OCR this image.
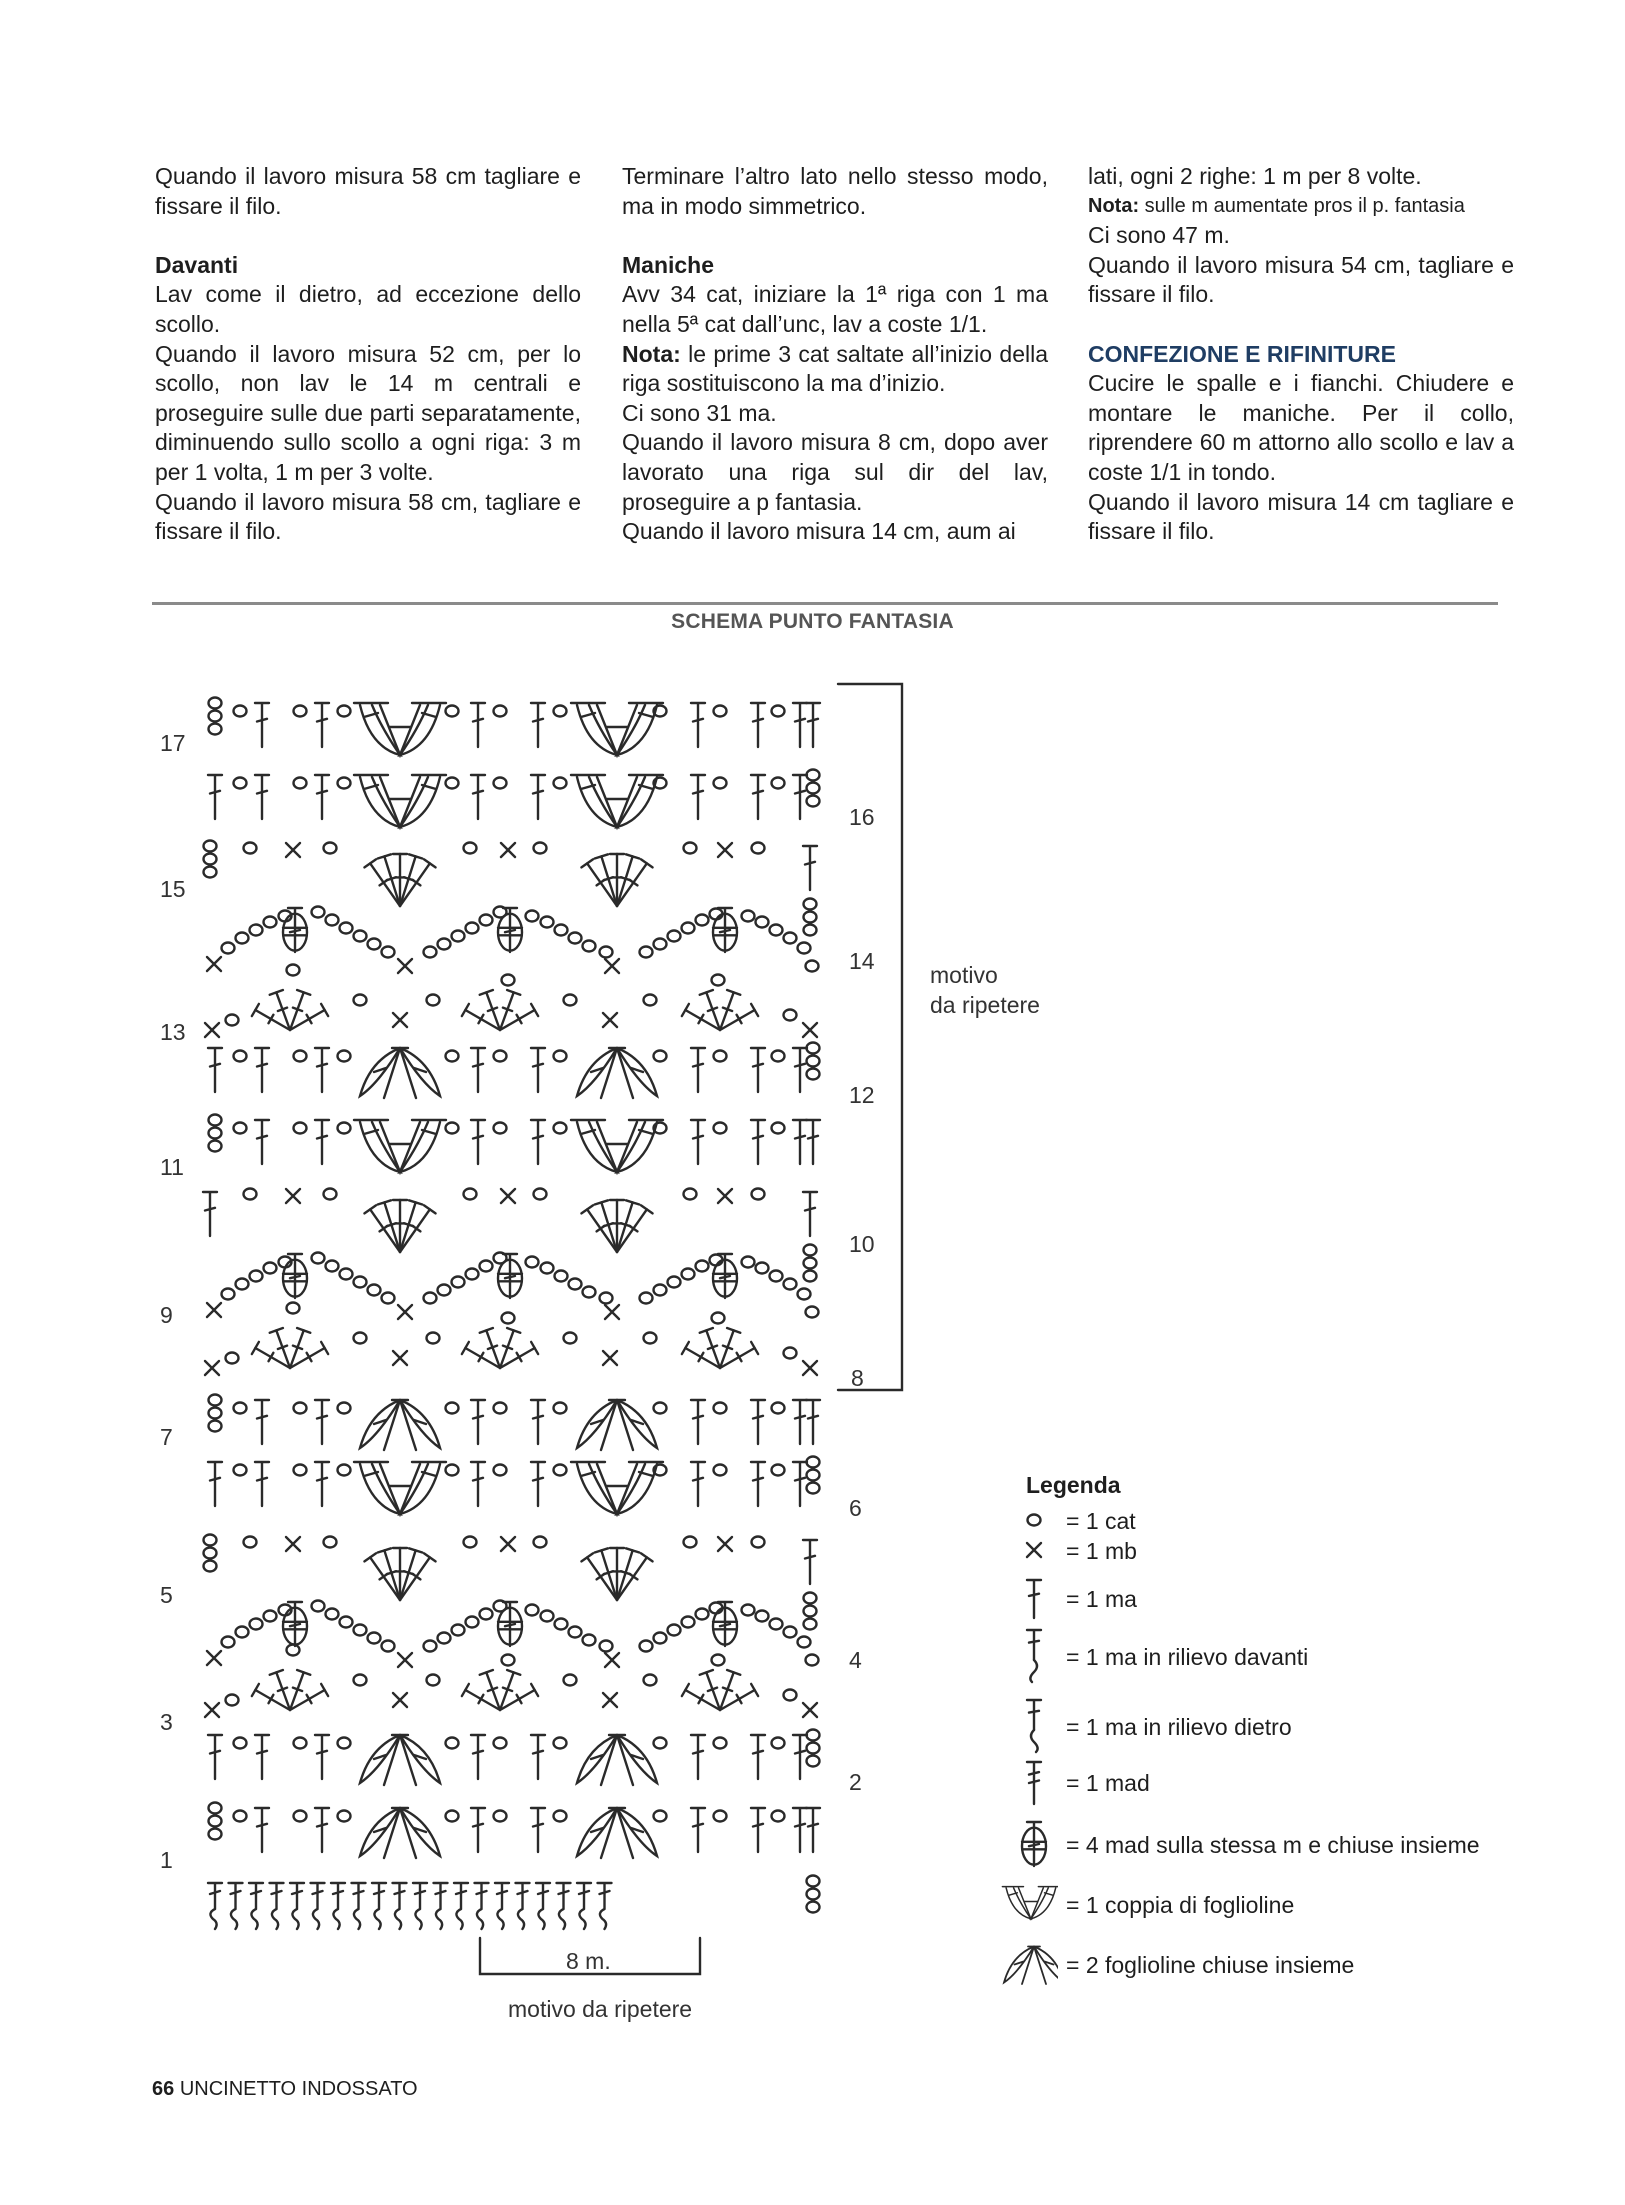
Quando il lavoro misura 58 cm tagliare e fissare il filo.

Davanti

Lav come il dietro, ad eccezione dello scollo.

Quando il lavoro misura 52 cm, per lo scollo, non lav le 14 m centrali e proseguire sulle due parti separatamente, diminuendo sullo scollo a ogni riga: 3 m per 1 volta, 1 m per 3 volte.

Quando il lavoro misura 58 cm, tagliare e fissare il filo.

Terminare l’altro lato nello stesso modo, ma in modo simmetrico.

Maniche

Avv 34 cat, iniziare la 1ª riga con 1 ma nella 5ª cat dall’unc, lav a coste 1/1.

Nota: le prime 3 cat saltate all’inizio della riga sostituiscono la ma d’inizio.

Ci sono 31 ma.

Quando il lavoro misura 8 cm, dopo aver lavorato una riga sul dir del lav, proseguire a p fantasia.

Quando il lavoro misura 14 cm, aum ai

lati, ogni 2 righe: 1 m per 8 volte.

Nota: sulle m aumentate pros il p. fantasia

Ci sono 47 m.

Quando il lavoro misura 54 cm, tagliare e fissare il filo.

CONFEZIONE E RIFINITURE

Cucire le spalle e i fianchi. Chiudere e montare le maniche. Per il collo, riprendere 60 m attorno allo scollo e lav a coste 1/1 in tondo.

Quando il lavoro misura 14 cm tagliare e fissare il filo.

SCHEMA PUNTO FANTASIA
17
15
13
11
9
7
5
3
1
16
14
12
10
8
6
4
2
motivo
da ripetere
8 m.
motivo da ripetere
Legenda
= 1 cat
= 1 mb
= 1 ma
= 1 ma in rilievo davanti
= 1 ma in rilievo dietro
= 1 mad
= 4 mad sulla stessa m e chiuse insieme
= 1 coppia di foglioline
= 2 foglioline chiuse insieme
66 UNCINETTO INDOSSATO
